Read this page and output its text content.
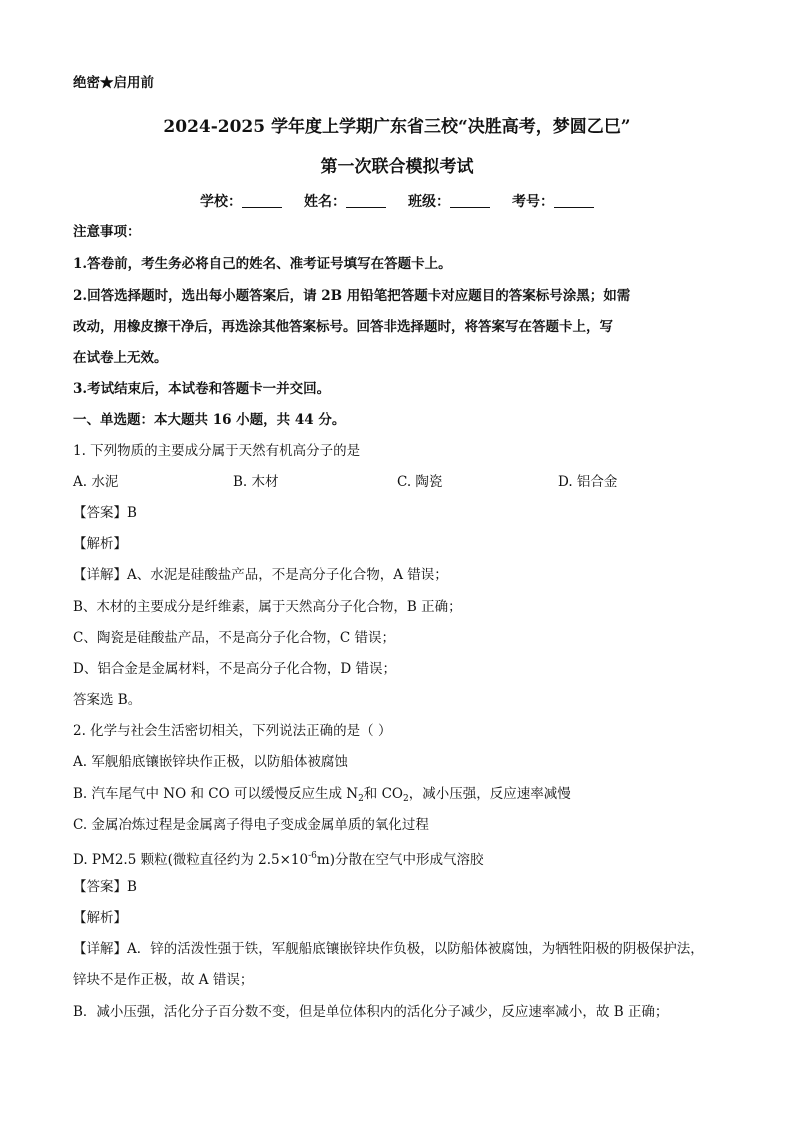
绝密★启用前
2024-2025 学年度上学期广东省三校“决胜高考，梦圆乙巳”
第一次联合模拟考试
学校：	姓名：	班级：	考号：
注意事项：
1.答卷前，考生务必将自己的姓名、准考证号填写在答题卡上。
2.回答选择题时，选出每小题答案后，请 2B 用铅笔把答题卡对应题目的答案标号涂黑；如需
改动，用橡皮擦干净后，再选涂其他答案标号。回答非选择题时，将答案写在答题卡上，写
在试卷上无效。
3.考试结束后，本试卷和答题卡一并交回。
一、单选题：本大题共 16 小题，共 44 分。
1. 下列物质的主要成分属于天然有机高分子的是
A. 水泥	B. 木材	C. 陶瓷	D. 铝合金
【答案】B
【解析】
【详解】A、水泥是硅酸盐产品，不是高分子化合物，A 错误；
B、木材的主要成分是纤维素，属于天然高分子化合物，B 正确；
C、陶瓷是硅酸盐产品，不是高分子化合物，C 错误；
D、铝合金是金属材料，不是高分子化合物，D 错误；
答案选 B。
2. 化学与社会生活密切相关，下列说法正确的是（ ）
A. 军舰船底镶嵌锌块作正极，以防船体被腐蚀
B. 汽车尾气中 NO 和 CO 可以缓慢反应生成 $N_2$和 $CO_2$，减小压强，反应速率减慢
C. 金属冶炼过程是金属离子得电子变成金属单质的氧化过程
D. PM2.5 颗粒(微粒直径约为 $2.5\times 10^{-6}m$)分散在空气中形成气溶胶
【答案】B
【解析】
【详解】A．锌的活泼性强于铁，军舰船底镶嵌锌块作负极，以防船体被腐蚀，为牺牲阳极的阴极保护法，
锌块不是作正极，故 A 错误；
B．减小压强，活化分子百分数不变，但是单位体积内的活化分子减少，反应速率减小，故 B 正确；
